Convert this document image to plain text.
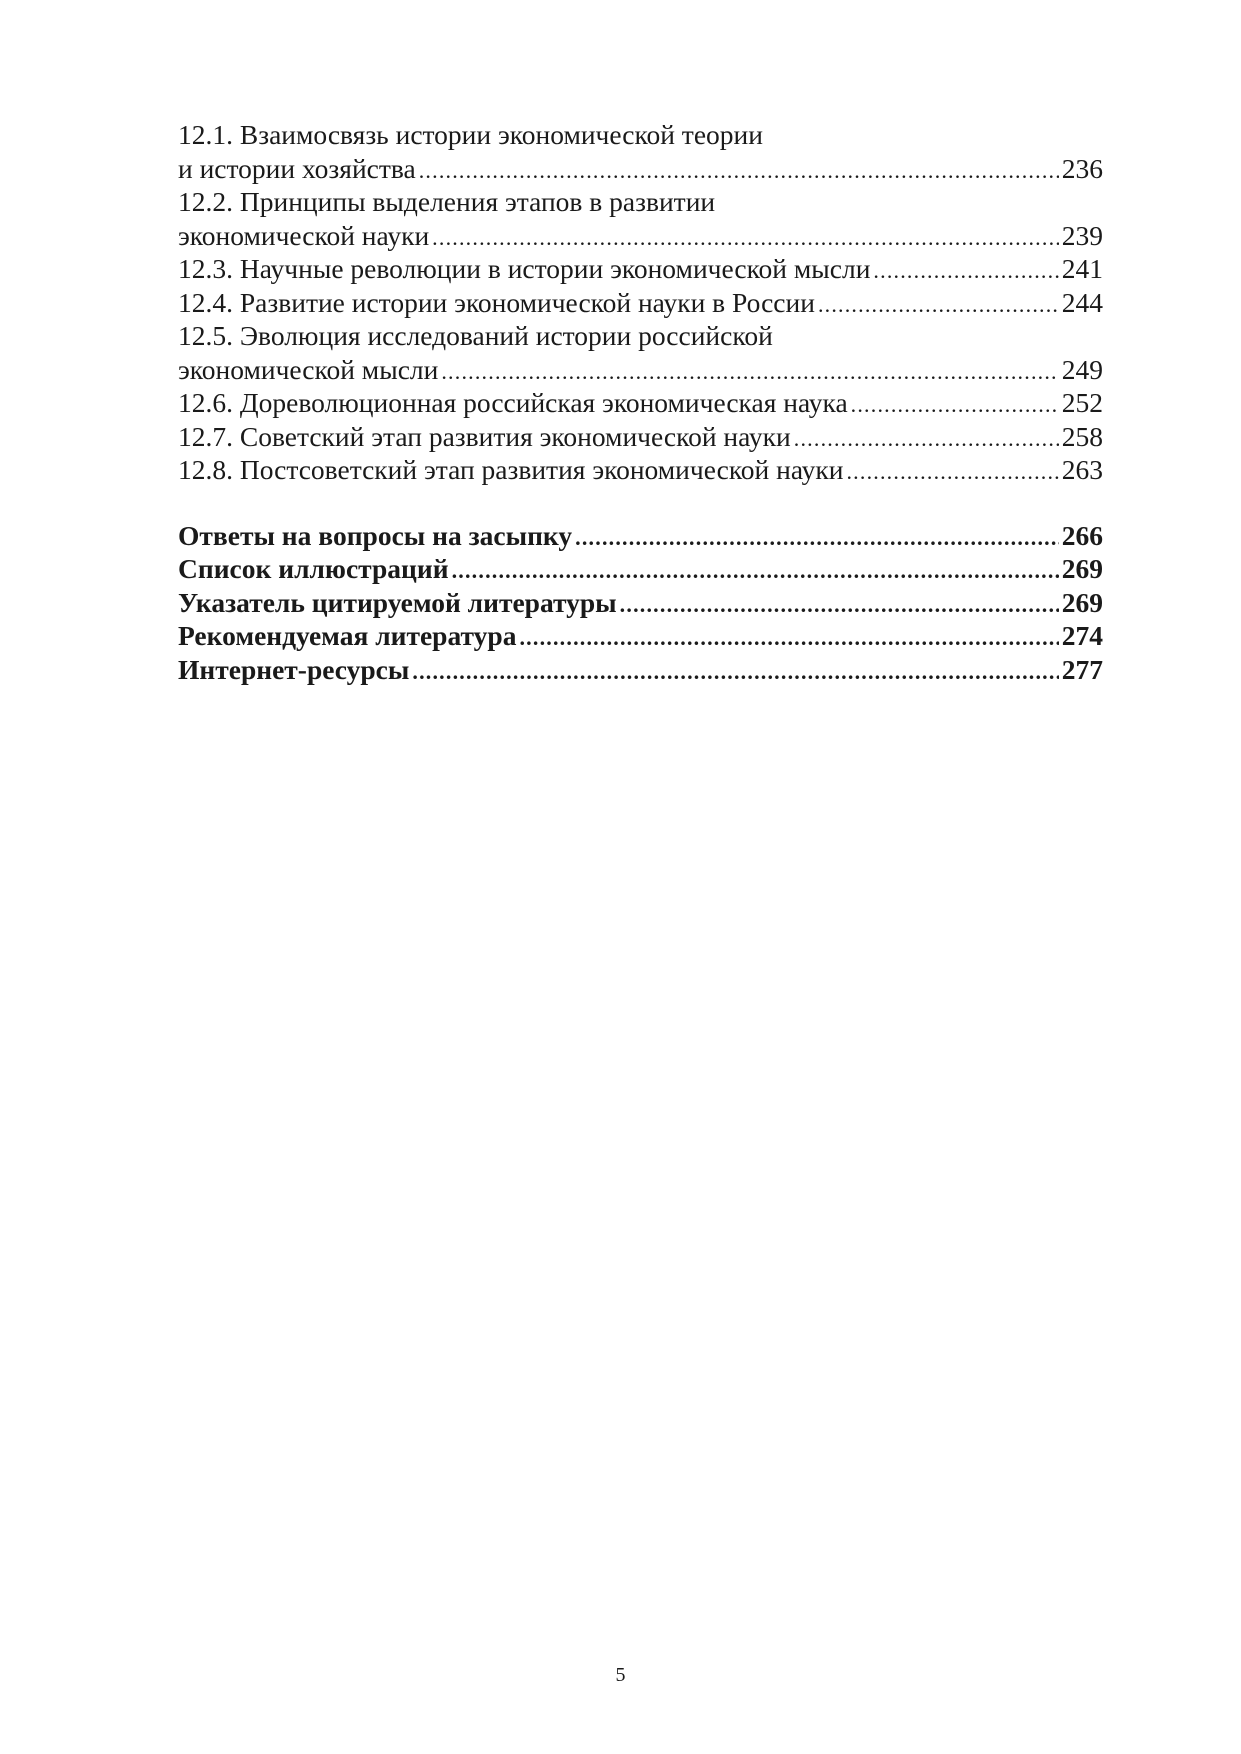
12.1. Взаимосвязь истории экономической теории
и истории хозяйства .....	236
12.2. Принципы выделения этапов в развитии
экономической науки .....	239
12.3. Научные революции в истории экономической мысли .....	241
12.4. Развитие истории экономической науки в России .....	244
12.5. Эволюция исследований истории российской
экономической мысли .....	249
12.6. Дореволюционная российская экономическая наука .....	252
12.7. Советский этап развития экономической науки .....	258
12.8. Постсоветский этап развития экономической науки .....	263
Ответы на вопросы на засыпку .....	266
Список иллюстраций .....	269
Указатель цитируемой литературы .....	269
Рекомендуемая литература .....	274
Интернет-ресурсы .....	277
5
